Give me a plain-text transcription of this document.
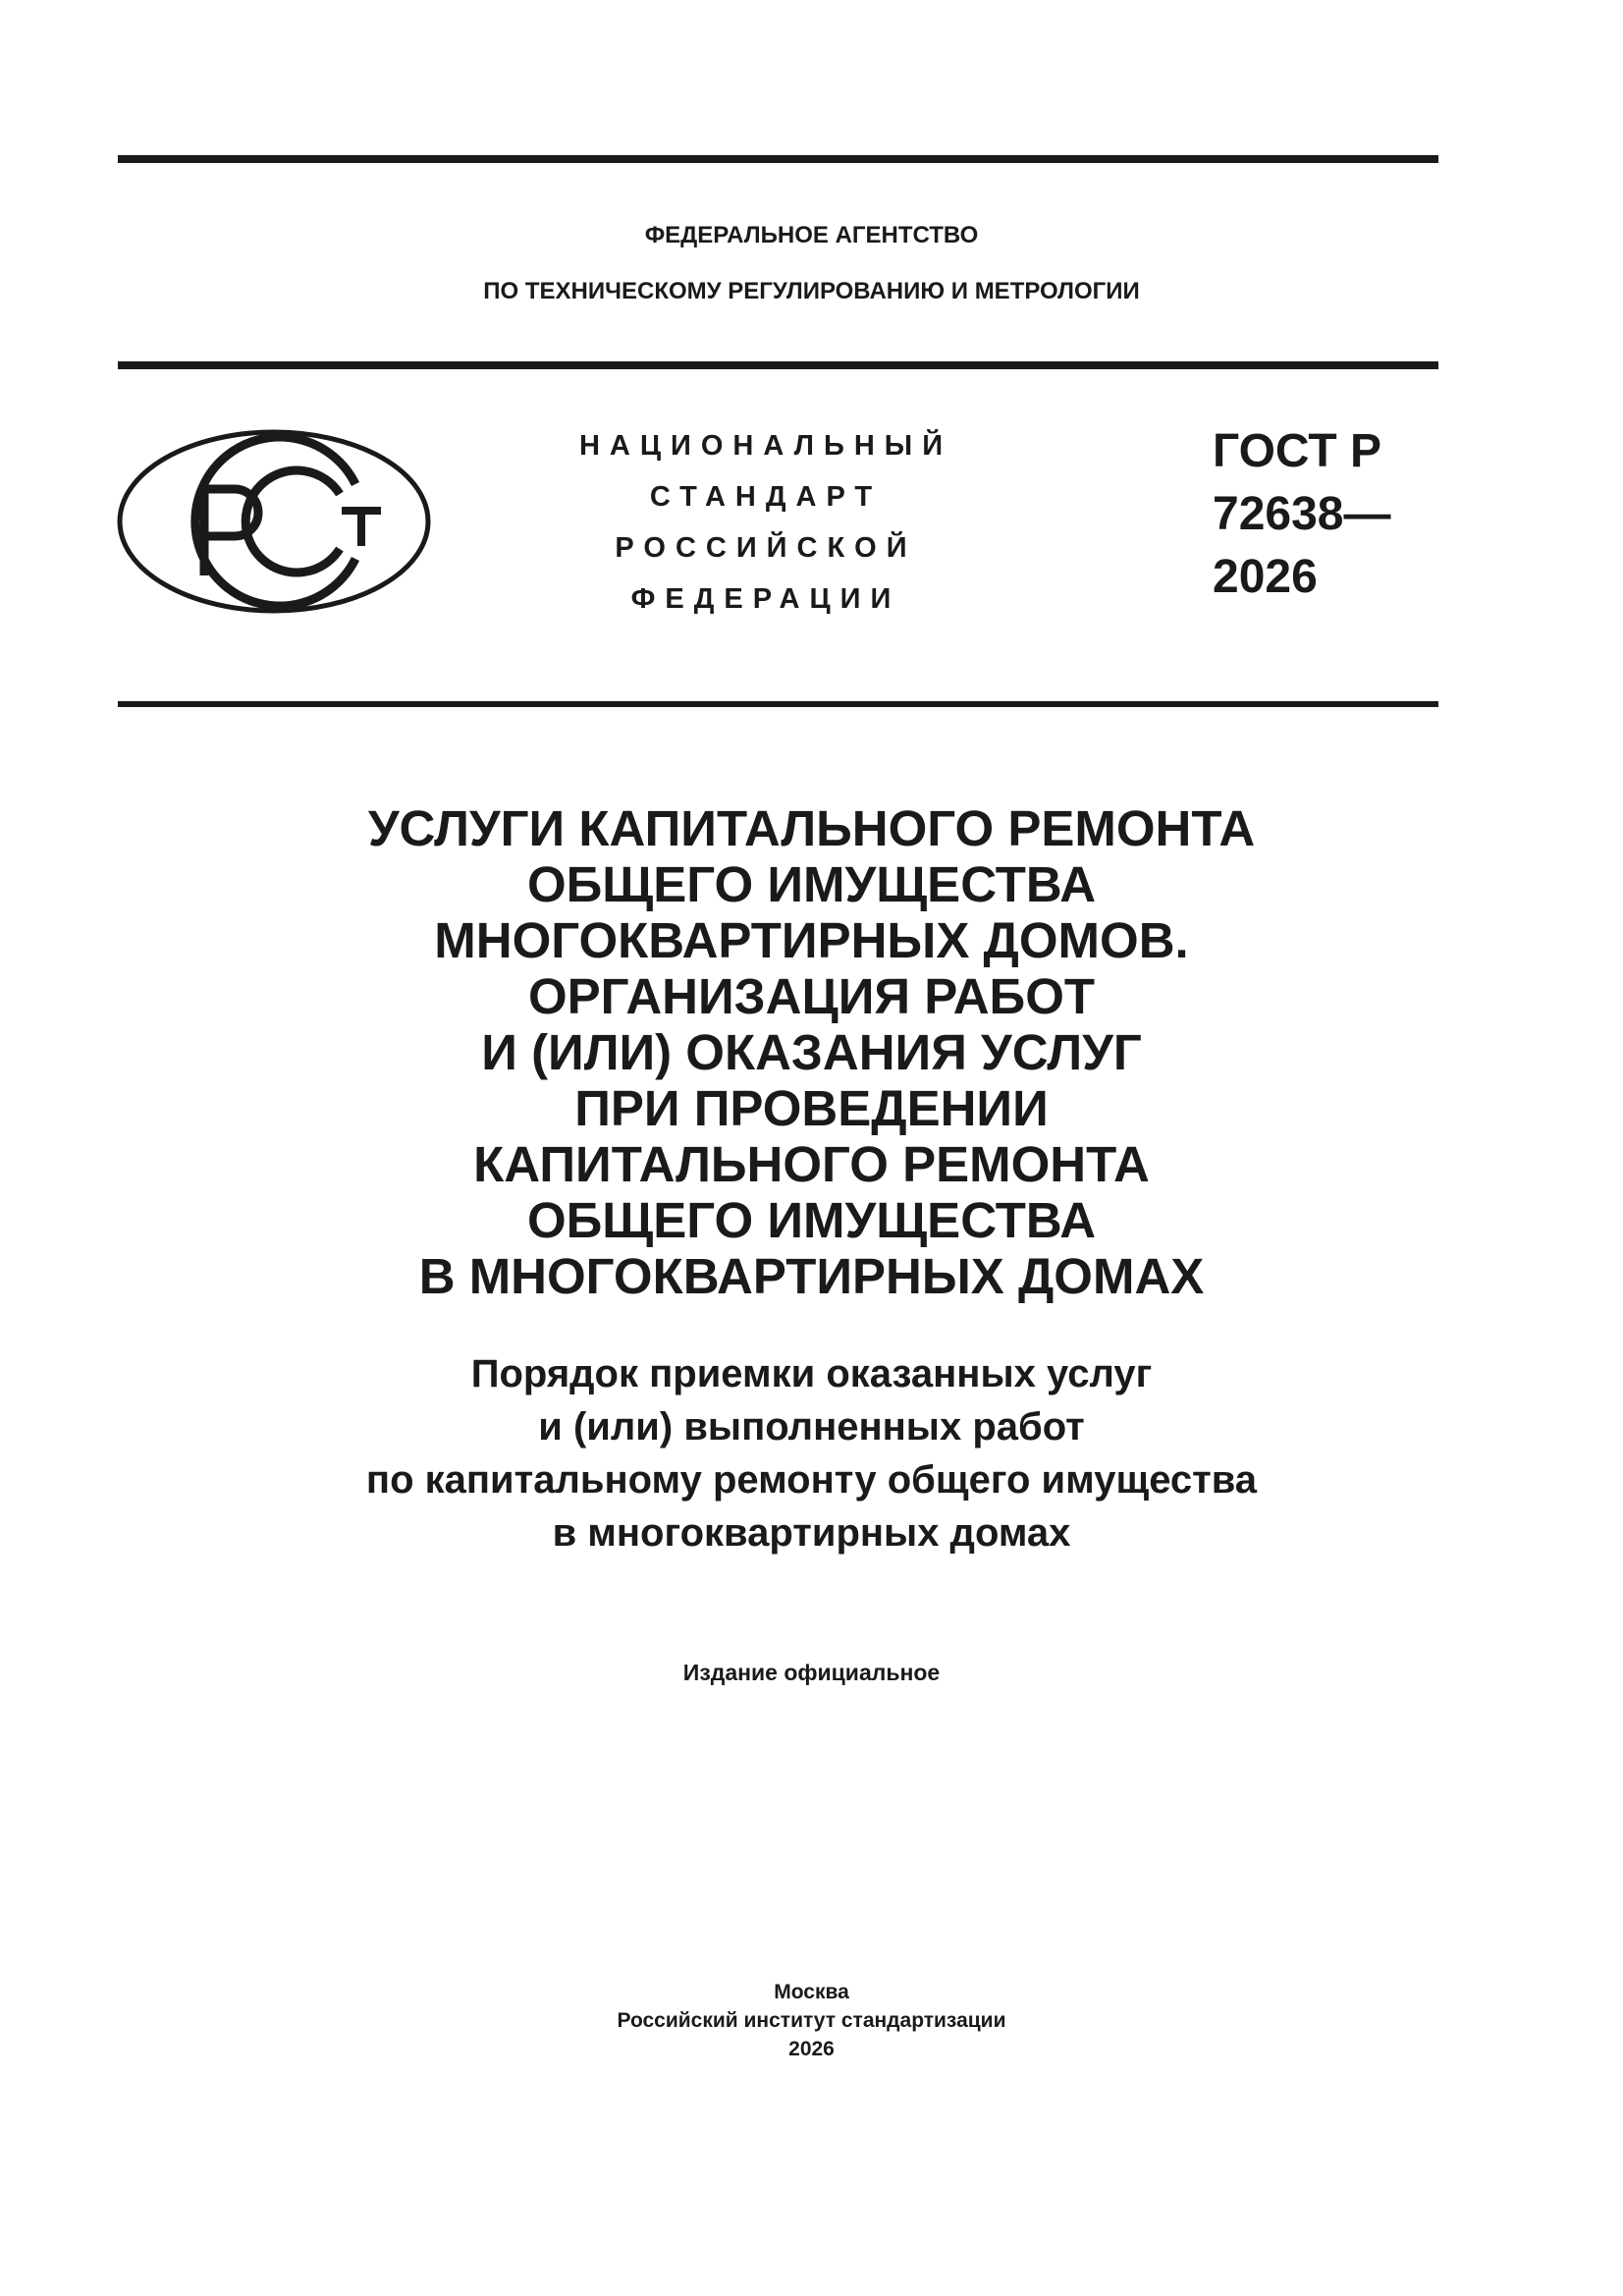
ФЕДЕРАЛЬНОЕ АГЕНТСТВО
ПО ТЕХНИЧЕСКОМУ РЕГУЛИРОВАНИЮ И МЕТРОЛОГИИ
НАЦИОНАЛЬНЫЙ
СТАНДАРТ
РОССИЙСКОЙ
ФЕДЕРАЦИИ
ГОСТ Р
72638—
2026
УСЛУГИ КАПИТАЛЬНОГО РЕМОНТА
ОБЩЕГО ИМУЩЕСТВА
МНОГОКВАРТИРНЫХ ДОМОВ.
ОРГАНИЗАЦИЯ РАБОТ
И (ИЛИ) ОКАЗАНИЯ УСЛУГ
ПРИ ПРОВЕДЕНИИ
КАПИТАЛЬНОГО РЕМОНТА
ОБЩЕГО ИМУЩЕСТВА
В МНОГОКВАРТИРНЫХ ДОМАХ
Порядок приемки оказанных услуг
и (или) выполненных работ
по капитальному ремонту общего имущества
в многоквартирных домах
Издание официальное
Москва
Российский институт стандартизации
2026
